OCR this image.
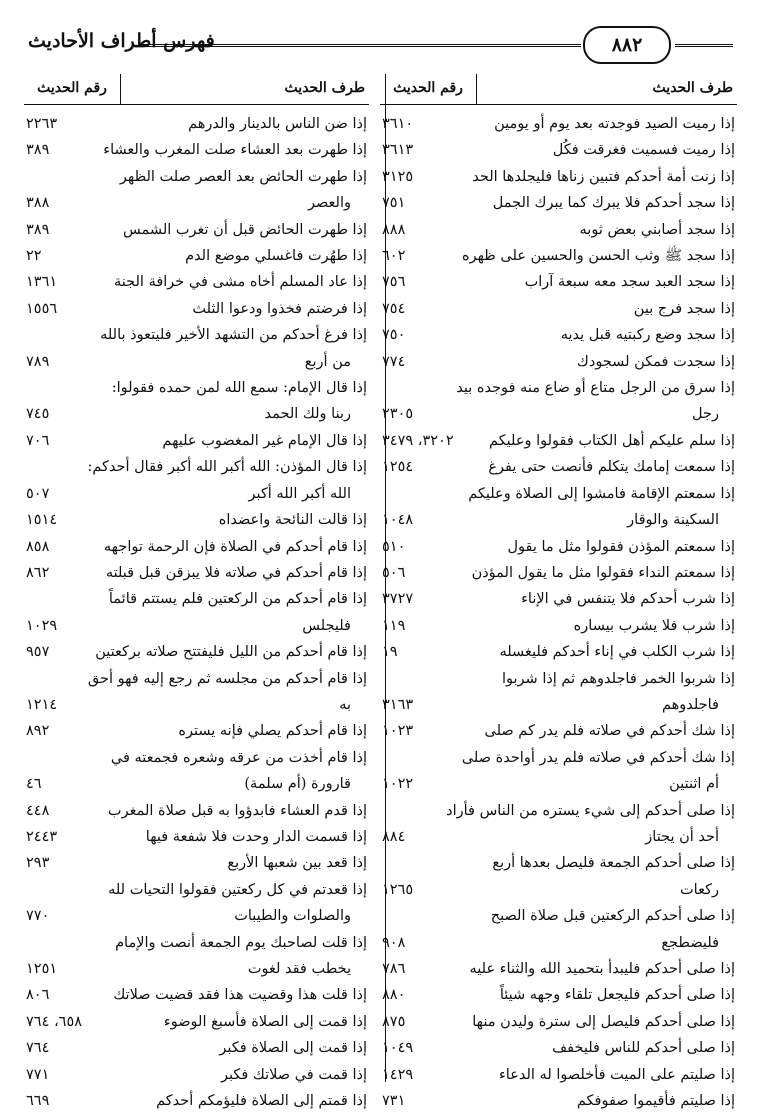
فهرس أطراف الأحاديث	٨٨٢
طرف الحديث
رقم الحديث
إذا رميت الصيد فوجدته بعد يوم أو يومين
٣٦١٠
إذا رميت فسميت فغرقت فكُل
٣٦١٣
إذا زنت أمة أحدكم فتبين زناها فليجلدها الحد
٣١٢٥
إذا سجد أحدكم فلا يبرك كما يبرك الجمل
٧٥١
إذا سجد أصابني بعض ثوبه
٨٨٨
إذا سجد ﷺ وثب الحسن والحسين على ظهره
٦٠٢
إذا سجد العبد سجد معه سبعة آراب
٧٥٦
إذا سجد فرج بين
٧٥٤
إذا سجد وضع ركبتيه قبل يديه
٧٥٠
إذا سجدت فمكن لسجودك
٧٧٤
إذا سرق من الرجل متاع أو ضاع منه فوجده بيد
رجل
٢٣٠٥
إذا سلم عليكم أهل الكتاب فقولوا وعليكم
٣٢٠٢، ٣٤٧٩
إذا سمعت إمامك يتكلم فأنصت حتى يفرغ
١٢٥٤
إذا سمعتم الإقامة فامشوا إلى الصلاة وعليكم
السكينة والوقار
١٠٤٨
إذا سمعتم المؤذن فقولوا مثل ما يقول
٥١٠
إذا سمعتم النداء فقولوا مثل ما يقول المؤذن
٥٠٦
إذا شرب أحدكم فلا يتنفس في الإناء
٣٧٢٧
إذا شرب فلا يشرب بيساره
١١٩
إذا شرب الكلب في إناء أحدكم فليغسله
١٩
إذا شربوا الخمر فاجلدوهم ثم إذا شربوا
فاجلدوهم
٣١٦٣
إذا شك أحدكم في صلاته فلم يدر كم صلى
١٠٢٣
إذا شك أحدكم في صلاته فلم يدر أواحدة صلى
أم اثنتين
١٠٢٢
إذا صلى أحدكم إلى شيء يستره من الناس فأراد
أحد أن يجتاز
٨٨٤
إذا صلى أحدكم الجمعة فليصل بعدها أربع
ركعات
١٢٦٥
إذا صلى أحدكم الركعتين قبل صلاة الصبح
فليضطجع
٩٠٨
إذا صلى أحدكم فليبدأ بتحميد الله والثناء عليه
٧٨٦
إذا صلى أحدكم فليجعل تلقاء وجهه شيئاً
٨٨٠
إذا صلى أحدكم فليصل إلى سترة وليدن منها
٨٧٥
إذا صلى أحدكم للناس فليخفف
١٠٤٩
إذا صليتم على الميت فأخلصوا له الدعاء
١٤٢٩
إذا صليتم فأقيموا صفوفكم
٧٣١
طرف الحديث
رقم الحديث
إذا ضن الناس بالدينار والدرهم
٢٢٦٣
إذا طهرت بعد العشاء صلت المغرب والعشاء
٣٨٩
إذا طهرت الحائض بعد العصر صلت الظهر
والعصر
٣٨٨
إذا طهرت الحائض قبل أن تغرب الشمس
٣٨٩
إذا طهُرت فاغسلي موضع الدم
٢٢
إذا عاد المسلم أخاه مشى في خرافة الجنة
١٣٦١
إذا فرضتم فخذوا ودعوا الثلث
١٥٥٦
إذا فرغ أحدكم من التشهد الأخير فليتعوذ بالله
من أربع
٧٨٩
إذا قال الإمام: سمع الله لمن حمده فقولوا:
ربنا ولك الحمد
٧٤٥
إذا قال الإمام غير المغضوب عليهم
٧٠٦
إذا قال المؤذن: الله أكبر الله أكبر فقال أحدكم:
الله أكبر الله أكبر
٥٠٧
إذا قالت النائحة واعضداه
١٥١٤
إذا قام أحدكم في الصلاة فإن الرحمة تواجهه
٨٥٨
إذا قام أحدكم في صلاته فلا يبزقن قبل قبلته
٨٦٢
إذا قام أحدكم من الركعتين فلم يستتم قائماً
فليجلس
١٠٢٩
إذا قام أحدكم من الليل فليفتتح صلاته بركعتين
٩٥٧
إذا قام أحدكم من مجلسه ثم رجع إليه فهو أحق
به
١٢١٤
إذا قام أحدكم يصلي فإنه يستره
٨٩٢
إذا قام أخذت من عرقه وشعره فجمعته في
قارورة (أم سلمة)
٤٦
إذا قدم العشاء فابدؤوا به قبل صلاة المغرب
٤٤٨
إذا قسمت الدار وحدت فلا شفعة فيها
٢٤٤٣
إذا قعد بين شعبها الأربع
٢٩٣
إذا قعدتم في كل ركعتين فقولوا التحيات لله
والصلوات والطيبات
٧٧٠
إذا قلت لصاحبك يوم الجمعة أنصت والإمام
يخطب فقد لغوت
١٢٥١
إذا قلت هذا وقضيت هذا فقد قضيت صلاتك
٨٠٦
إذا قمت إلى الصلاة فأسبغ الوضوء
٦٥٨، ٧٦٤
إذا قمت إلى الصلاة فكبر
٧٦٤
إذا قمت في صلاتك فكبر
٧٧١
إذا قمتم إلى الصلاة فليؤمكم أحدكم
٦٦٩
